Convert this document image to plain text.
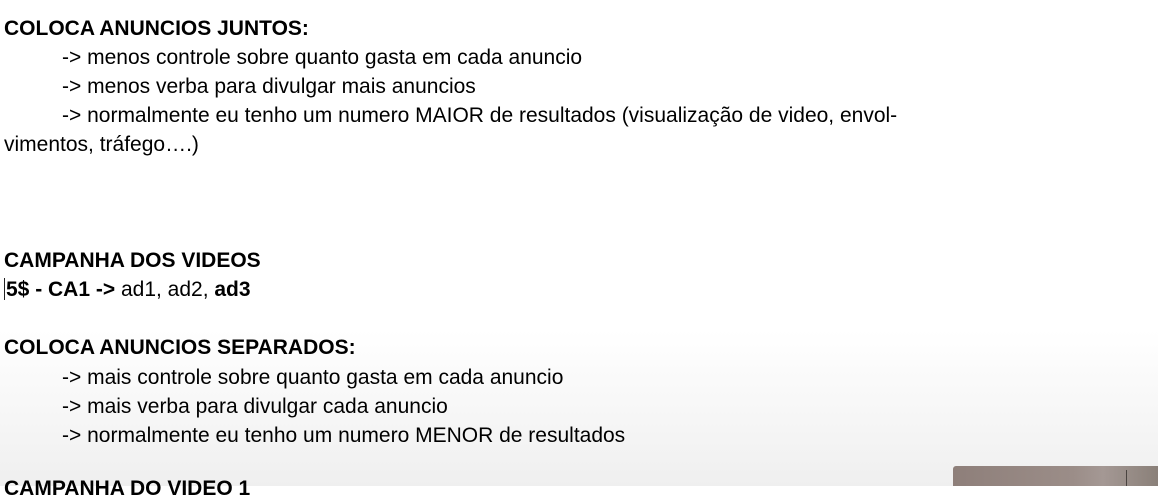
COLOCA ANUNCIOS JUNTOS:
-> menos controle sobre quanto gasta em cada anuncio
-> menos verba para divulgar mais anuncios
-> normalmente eu tenho um numero MAIOR de resultados (visualização de video, envol-
vimentos, tráfego….)
CAMPANHA DOS VIDEOS
5$ - CA1 -> ad1, ad2, ad3
COLOCA ANUNCIOS SEPARADOS:
-> mais controle sobre quanto gasta em cada anuncio
-> mais verba para divulgar cada anuncio
-> normalmente eu tenho um numero MENOR de resultados
CAMPANHA DO VIDEO 1
